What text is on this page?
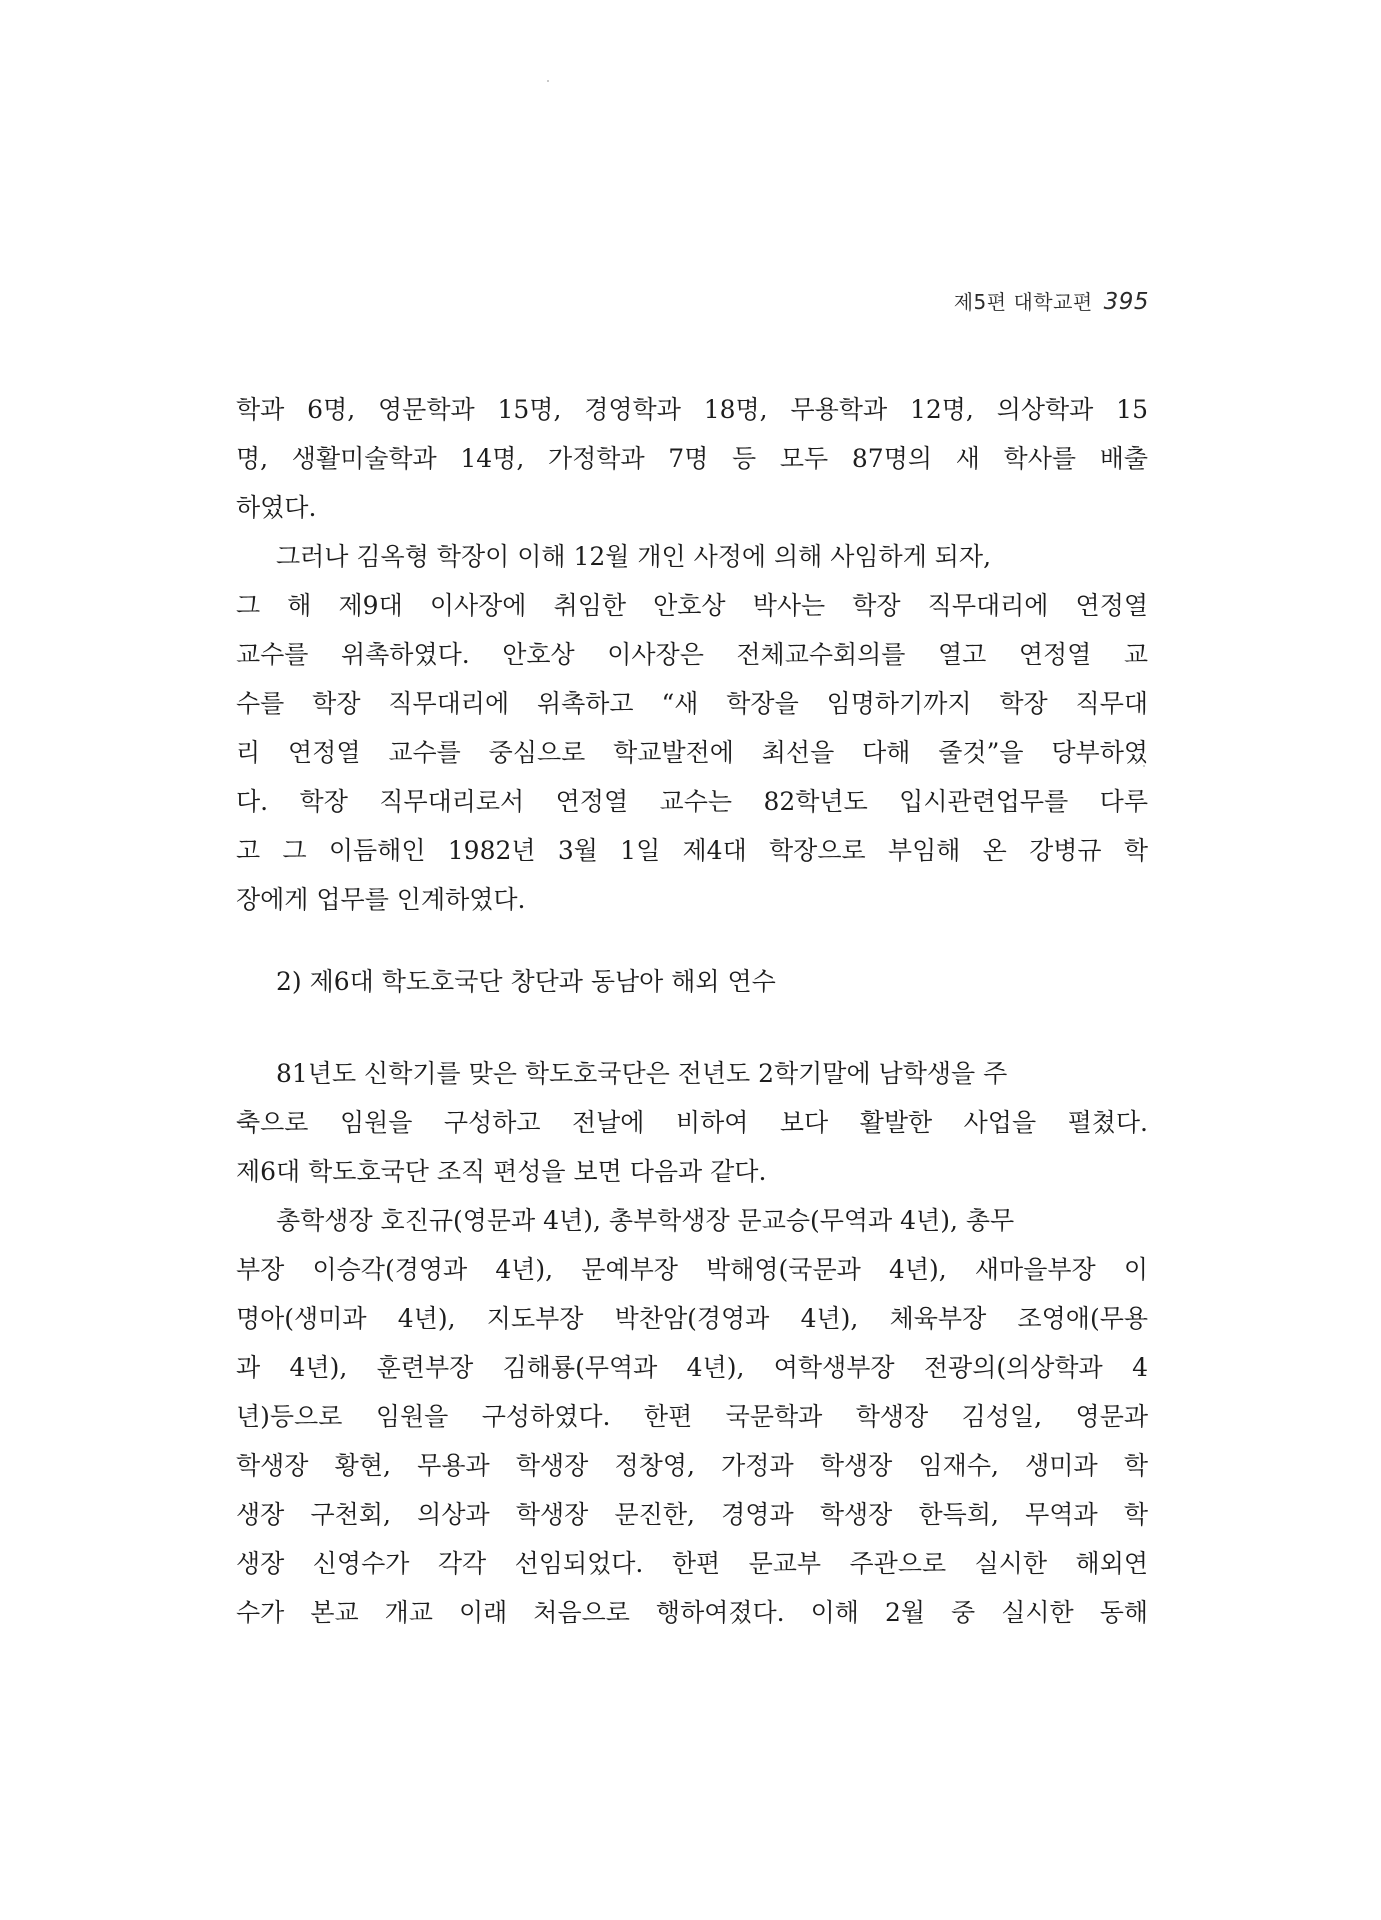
제5편 대학교편 395
학과 6명, 영문학과 15명, 경영학과 18명, 무용학과 12명, 의상학과 15
명, 생활미술학과 14명, 가정학과 7명 등 모두 87명의 새 학사를 배출
하였다.
그러나 김옥형 학장이 이해 12월 개인 사정에 의해 사임하게 되자,
그 해 제9대 이사장에 취임한 안호상 박사는 학장 직무대리에 연정열
교수를 위촉하였다. 안호상 이사장은 전체교수회의를 열고 연정열 교
수를 학장 직무대리에 위촉하고 “새 학장을 임명하기까지 학장 직무대
리 연정열 교수를 중심으로 학교발전에 최선을 다해 줄것”을 당부하였
다. 학장 직무대리로서 연정열 교수는 82학년도 입시관련업무를 다루
고 그 이듬해인 1982년 3월 1일 제4대 학장으로 부임해 온 강병규 학
장에게 업무를 인계하였다.
2) 제6대 학도호국단 창단과 동남아 해외 연수
81년도 신학기를 맞은 학도호국단은 전년도 2학기말에 남학생을 주
축으로 임원을 구성하고 전날에 비하여 보다 활발한 사업을 펼쳤다.
제6대 학도호국단 조직 편성을 보면 다음과 같다.
총학생장 호진규(영문과 4년), 총부학생장 문교승(무역과 4년), 총무
부장 이승각(경영과 4년), 문예부장 박해영(국문과 4년), 새마을부장 이
명아(생미과 4년), 지도부장 박찬암(경영과 4년), 체육부장 조영애(무용
과 4년), 훈련부장 김해룡(무역과 4년), 여학생부장 전광의(의상학과 4
년)등으로 임원을 구성하였다. 한편 국문학과 학생장 김성일, 영문과
학생장 황현, 무용과 학생장 정창영, 가정과 학생장 임재수, 생미과 학
생장 구천회, 의상과 학생장 문진한, 경영과 학생장 한득희, 무역과 학
생장 신영수가 각각 선임되었다. 한편 문교부 주관으로 실시한 해외연
수가 본교 개교 이래 처음으로 행하여졌다. 이해 2월 중 실시한 동해
